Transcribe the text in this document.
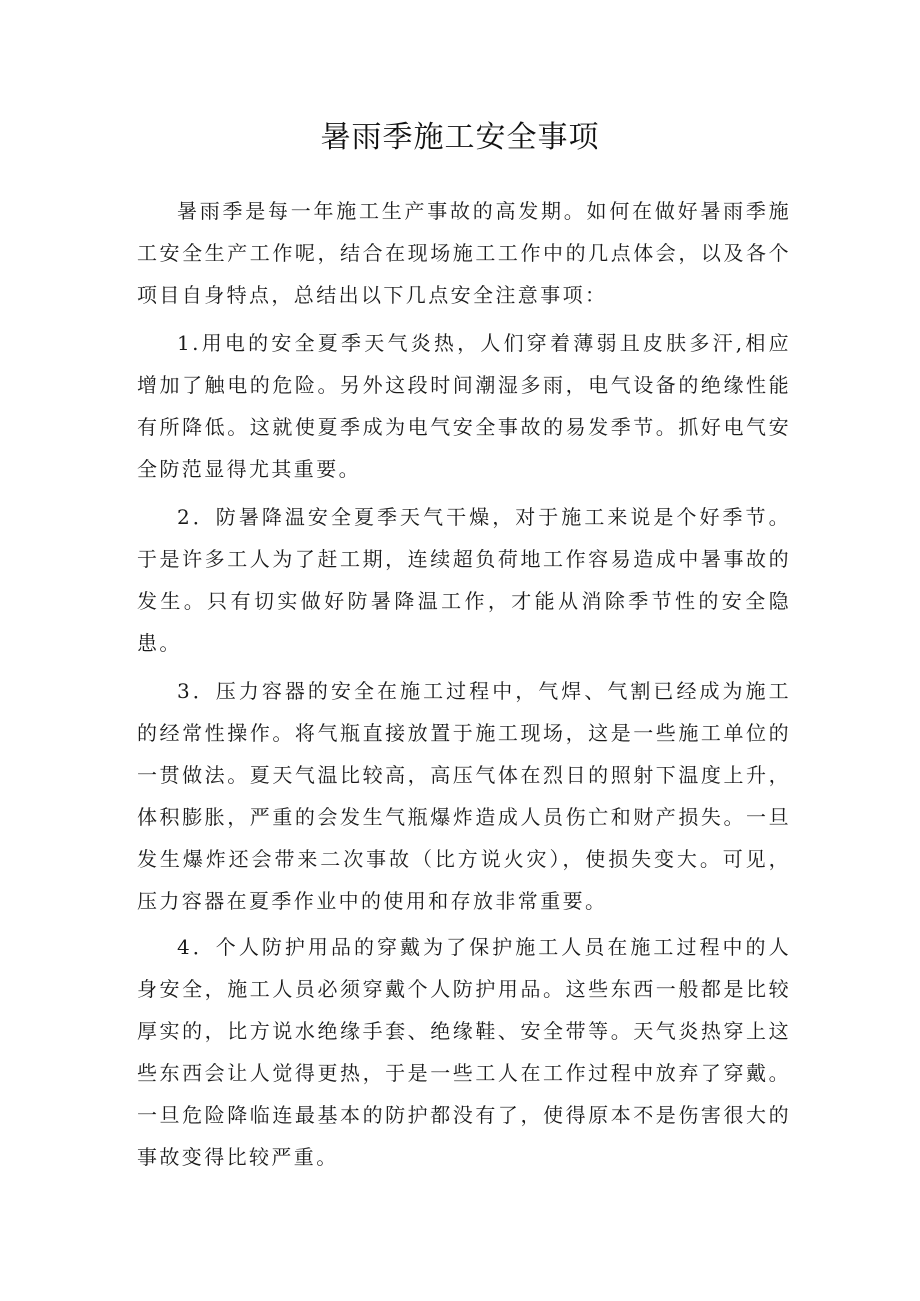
暑雨季施工安全事项

暑雨季是每一年施工生产事故的高发期。如何在做好暑雨季施工安全生产工作呢，结合在现场施工工作中的几点体会，以及各个项目自身特点，总结出以下几点安全注意事项：

1.用电的安全夏季天气炎热，人们穿着薄弱且皮肤多汗,相应增加了触电的危险。另外这段时间潮湿多雨，电气设备的绝缘性能有所降低。这就使夏季成为电气安全事故的易发季节。抓好电气安全防范显得尤其重要。

2．防暑降温安全夏季天气干燥，对于施工来说是个好季节。于是许多工人为了赶工期，连续超负荷地工作容易造成中暑事故的发生。只有切实做好防暑降温工作，才能从消除季节性的安全隐患。

3．压力容器的安全在施工过程中，气焊、气割已经成为施工的经常性操作。将气瓶直接放置于施工现场，这是一些施工单位的一贯做法。夏天气温比较高，高压气体在烈日的照射下温度上升，体积膨胀，严重的会发生气瓶爆炸造成人员伤亡和财产损失。一旦发生爆炸还会带来二次事故（比方说火灾），使损失变大。可见，压力容器在夏季作业中的使用和存放非常重要。

4．个人防护用品的穿戴为了保护施工人员在施工过程中的人身安全，施工人员必须穿戴个人防护用品。这些东西一般都是比较厚实的，比方说水绝缘手套、绝缘鞋、安全带等。天气炎热穿上这些东西会让人觉得更热，于是一些工人在工作过程中放弃了穿戴。一旦危险降临连最基本的防护都没有了，使得原本不是伤害很大的事故变得比较严重。
